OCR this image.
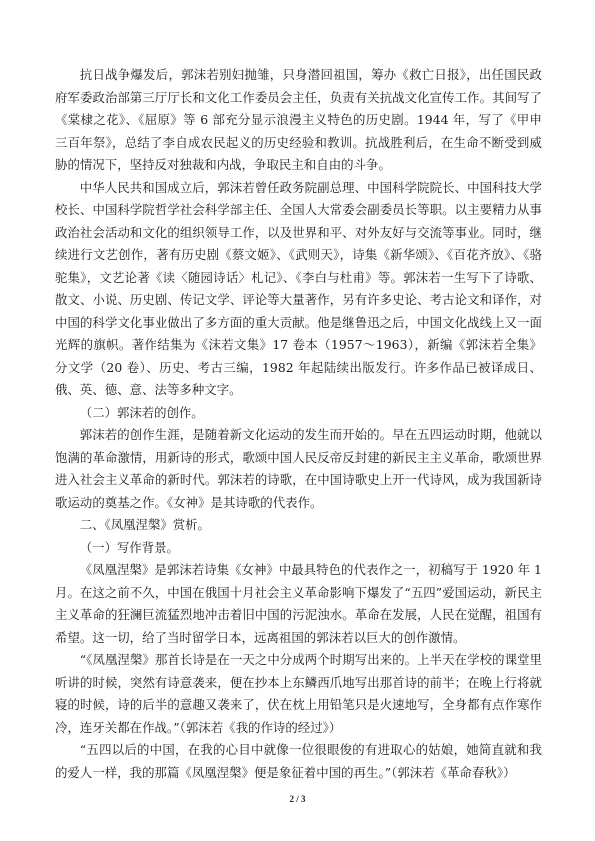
抗日战争爆发后，郭沫若别妇抛雏，只身潜回祖国，筹办《救亡日报》，出任国民政府军委政治部第三厅厅长和文化工作委员会主任，负责有关抗战文化宣传工作。其间写了《棠棣之花》、《屈原》等 6 部充分显示浪漫主义特色的历史剧。1944 年，写了《甲申三百年祭》，总结了李自成农民起义的历史经验和教训。抗战胜利后，在生命不断受到威胁的情况下，坚持反对独裁和内战，争取民主和自由的斗争。

中华人民共和国成立后，郭沫若曾任政务院副总理、中国科学院院长、中国科技大学校长、中国科学院哲学社会科学部主任、全国人大常委会副委员长等职。以主要精力从事政治社会活动和文化的组织领导工作，以及世界和平、对外友好与交流等事业。同时，继续进行文艺创作，著有历史剧《蔡文姬》、《武则天》，诗集《新华颂》、《百花齐放》、《骆驼集》，文艺论著《读〈随园诗话〉札记》、《李白与杜甫》等。郭沫若一生写下了诗歌、散文、小说、历史剧、传记文学、评论等大量著作，另有许多史论、考古论文和译作，对中国的科学文化事业做出了多方面的重大贡献。他是继鲁迅之后，中国文化战线上又一面光辉的旗帜。著作结集为《沫若文集》17 卷本（1957～1963），新编《郭沫若全集》分文学（20 卷）、历史、考古三编，1982 年起陆续出版发行。许多作品已被译成日、俄、英、德、意、法等多种文字。

（二）郭沫若的创作。

郭沫若的创作生涯，是随着新文化运动的发生而开始的。早在五四运动时期，他就以饱满的革命激情，用新诗的形式，歌颂中国人民反帝反封建的新民主主义革命，歌颂世界进入社会主义革命的新时代。郭沫若的诗歌，在中国诗歌史上开一代诗风，成为我国新诗歌运动的奠基之作。《女神》是其诗歌的代表作。

二、《凤凰涅槃》赏析。

（一）写作背景。

《凤凰涅槃》是郭沫若诗集《女神》中最具特色的代表作之一，初稿写于 1920 年 1 月。在这之前不久，中国在俄国十月社会主义革命影响下爆发了“五四”爱国运动，新民主主义革命的狂澜巨流猛烈地冲击着旧中国的污泥浊水。革命在发展，人民在觉醒，祖国有希望。这一切，给了当时留学日本，远离祖国的郭沫若以巨大的创作激情。

“《凤凰涅槃》那首长诗是在一天之中分成两个时期写出来的。上半天在学校的课堂里听讲的时候，突然有诗意袭来，便在抄本上东鳞西爪地写出那首诗的前半；在晚上行将就寝的时候，诗的后半的意趣又袭来了，伏在枕上用铅笔只是火速地写，全身都有点作寒作冷，连牙关都在作战。”（郭沫若《我的作诗的经过》）

“五四以后的中国，在我的心目中就像一位很眼俊的有进取心的姑娘，她简直就和我的爱人一样，我的那篇《凤凰涅槃》便是象征着中国的再生。”（郭沫若《革命春秋》）

2 / 3
